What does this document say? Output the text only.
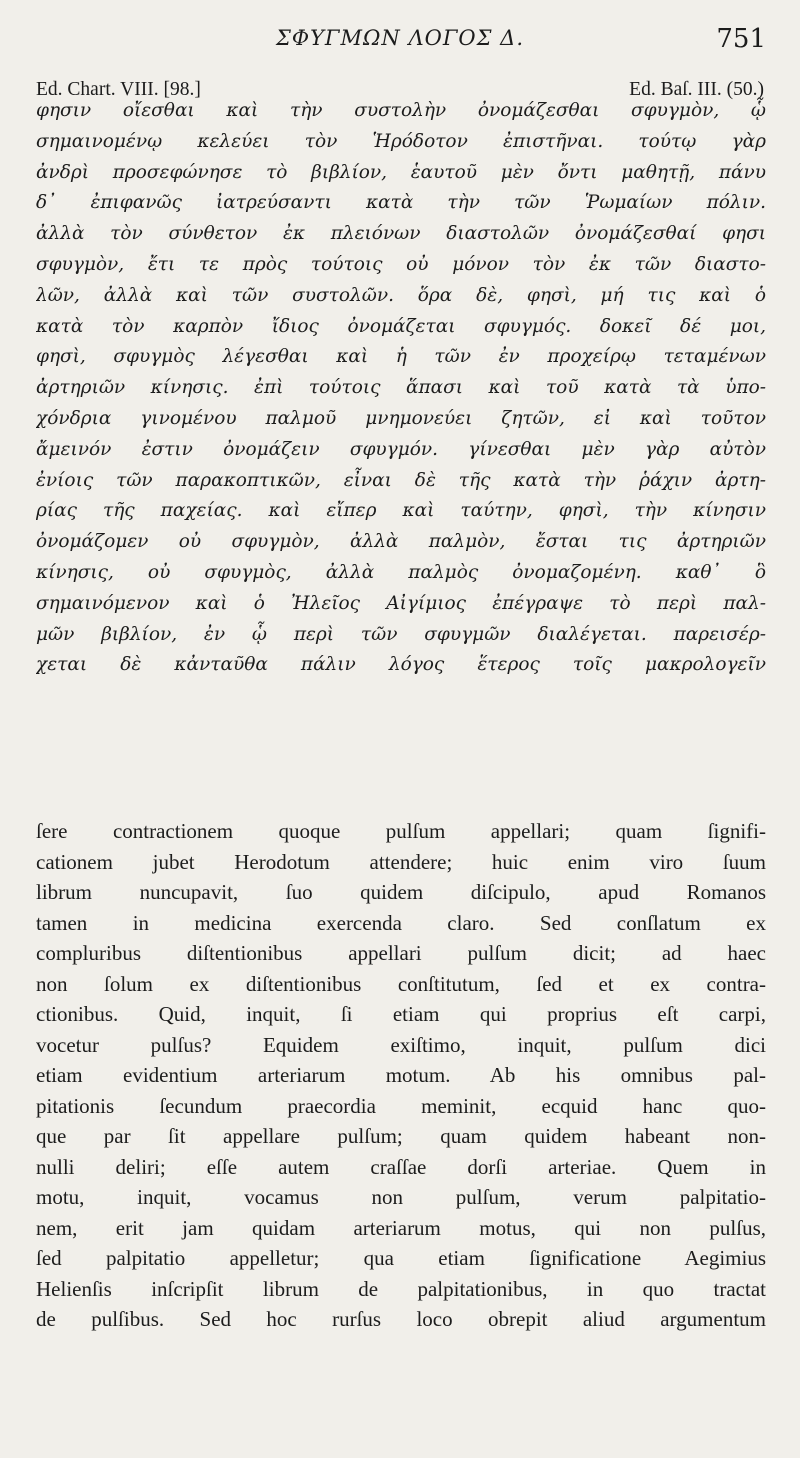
ΣΦΥΓΜΩΝ ΛΟΓΟΣ Δ.	751
Ed. Chart. VIII. [98.]	Ed. Baſ. III. (50.)
φησιν οἴεσθαι καὶ τὴν συστολὴν ὀνομάζεσθαι σφυγμὸν, ᾧ
σημαινομένῳ κελεύει τὸν Ἡρόδοτον ἐπιστῆναι. τούτῳ γὰρ
ἀνδρὶ προσεφώνησε τὸ βιβλίον, ἑαυτοῦ μὲν ὄντι μαθητῇ, πάνυ
δ᾽ ἐπιφανῶς ἰατρεύσαντι κατὰ τὴν τῶν Ῥωμαίων πόλιν.
ἀλλὰ τὸν σύνθετον ἐκ πλειόνων διαστολῶν ὀνομάζεσθαί φησι
σφυγμὸν, ἔτι τε πρὸς τούτοις οὐ μόνον τὸν ἐκ τῶν διαστο-
λῶν, ἀλλὰ καὶ τῶν συστολῶν. ὅρα δὲ, φησὶ, μή τις καὶ ὁ
κατὰ τὸν καρπὸν ἴδιος ὀνομάζεται σφυγμός. δοκεῖ δέ μοι,
φησὶ, σφυγμὸς λέγεσθαι καὶ ἡ τῶν ἐν προχείρῳ τεταμένων
ἀρτηριῶν κίνησις. ἐπὶ τούτοις ἅπασι καὶ τοῦ κατὰ τὰ ὑπο-
χόνδρια γινομένου παλμοῦ μνημονεύει ζητῶν, εἰ καὶ τοῦτον
ἄμεινόν ἐστιν ὀνομάζειν σφυγμόν. γίνεσθαι μὲν γὰρ αὐτὸν
ἐνίοις τῶν παρακοπτικῶν, εἶναι δὲ τῆς κατὰ τὴν ῥάχιν ἀρτη-
ρίας τῆς παχείας. καὶ εἴπερ καὶ ταύτην, φησὶ, τὴν κίνησιν
ὀνομάζομεν οὐ σφυγμὸν, ἀλλὰ παλμὸν, ἔσται τις ἀρτηριῶν
κίνησις, οὐ σφυγμὸς, ἀλλὰ παλμὸς ὀνομαζομένη. καθ᾽ ὃ
σημαινόμενον καὶ ὁ Ἠλεῖος Αἰγίμιος ἐπέγραψε τὸ περὶ παλ-
μῶν βιβλίον, ἐν ᾧ περὶ τῶν σφυγμῶν διαλέγεται. παρεισέρ-
χεται δὲ κἀνταῦθα πάλιν λόγος ἕτερος τοῖς μακρολογεῖν
ſere contractionem quoque pulſum appellari; quam ſignifi-
cationem jubet Herodotum attendere; huic enim viro ſuum
librum nuncupavit, ſuo quidem diſcipulo, apud Romanos
tamen in medicina exercenda claro. Sed conſlatum ex
compluribus diſtentionibus appellari pulſum dicit; ad haec
non ſolum ex diſtentionibus conſtitutum, ſed et ex contra-
ctionibus. Quid, inquit, ſi etiam qui proprius eſt carpi,
vocetur pulſus? Equidem exiſtimo, inquit, pulſum dici
etiam evidentium arteriarum motum. Ab his omnibus pal-
pitationis ſecundum praecordia meminit, ecquid hanc quo-
que par ſit appellare pulſum; quam quidem habeant non-
nulli deliri; eſſe autem craſſae dorſi arteriae. Quem in
motu, inquit, vocamus non pulſum, verum palpitatio-
nem, erit jam quidam arteriarum motus, qui non pulſus,
ſed palpitatio appelletur; qua etiam ſignificatione Aegimius
Helienſis inſcripſit librum de palpitationibus, in quo tractat
de pulſibus. Sed hoc rurſus loco obrepit aliud argumentum
